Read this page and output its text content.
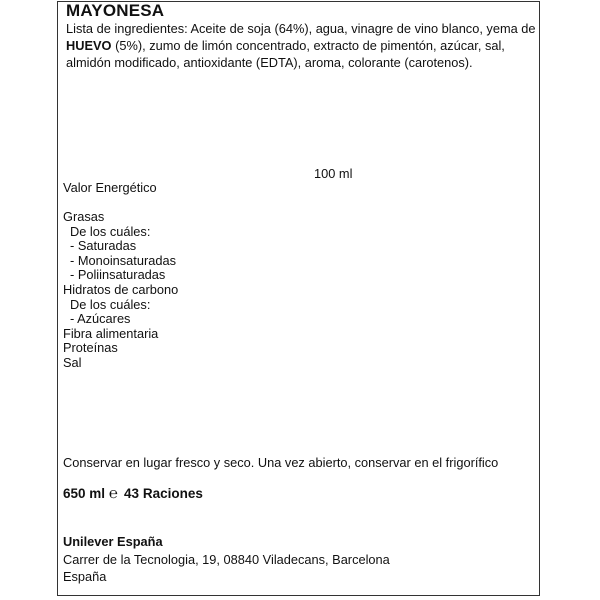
MAYONESA
Lista de ingredientes: Aceite de soja (64%), agua, vinagre de vino blanco, yema de HUEVO (5%), zumo de limón concentrado, extracto de pimentón, azúcar, sal, almidón modificado, antioxidante (EDTA), aroma, colorante (carotenos).
100 ml
Valor Energético
Grasas
De los cuáles:
- Saturadas
- Monoinsaturadas
- Poliinsaturadas
Hidratos de carbono
De los cuáles:
- Azúcares
Fibra alimentaria
Proteínas
Sal
Conservar en lugar fresco y seco. Una vez abierto, conservar en el frigorífico
650 ml ℮ 43 Raciones
Unilever España
Carrer de la Tecnologia, 19, 08840 Viladecans, Barcelona
España
